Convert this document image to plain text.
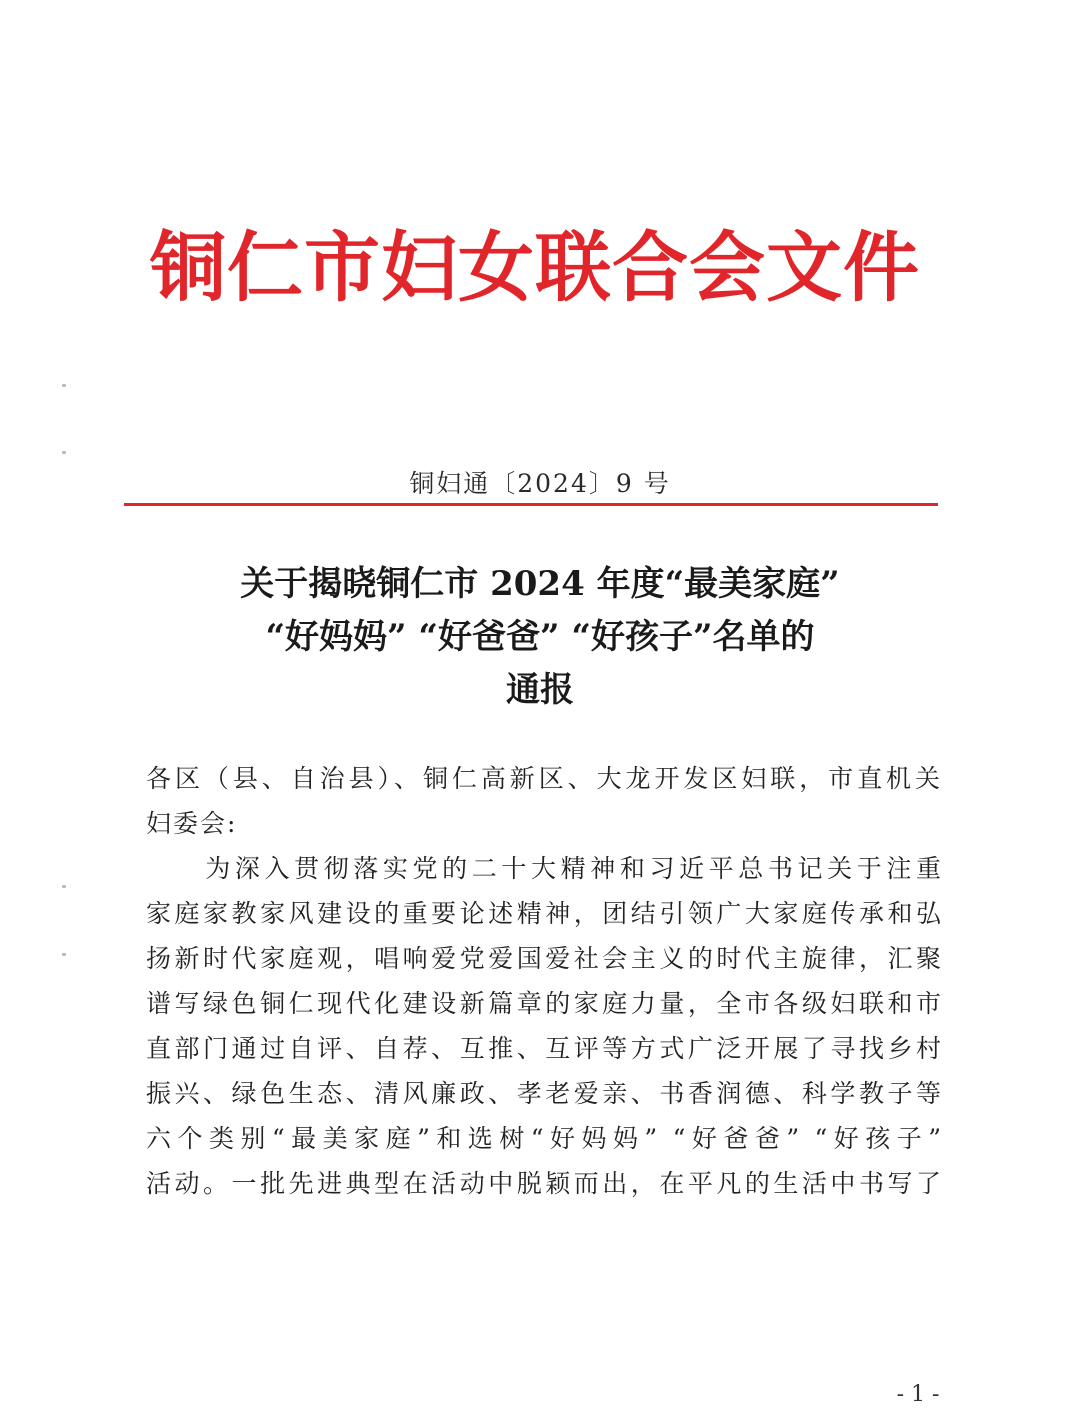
铜仁市妇女联合会文件
铜妇通〔2024〕9 号
关于揭晓铜仁市 2024 年度“最美家庭”
“好妈妈” “好爸爸” “好孩子”名单的
通报

各区（县、自治县）、铜仁高新区、大龙开发区妇联，市直机关
妇委会:

　　为深入贯彻落实党的二十大精神和习近平总书记关于注重
家庭家教家风建设的重要论述精神，团结引领广大家庭传承和弘
扬新时代家庭观，唱响爱党爱国爱社会主义的时代主旋律，汇聚
谱写绿色铜仁现代化建设新篇章的家庭力量，全市各级妇联和市
直部门通过自评、自荐、互推、互评等方式广泛开展了寻找乡村
振兴、绿色生态、清风廉政、孝老爱亲、书香润德、科学教子等
六个类别“最美家庭”和选树“好妈妈” “好爸爸” “好孩子”
活动。一批先进典型在活动中脱颖而出，在平凡的生活中书写了

- 1 -
